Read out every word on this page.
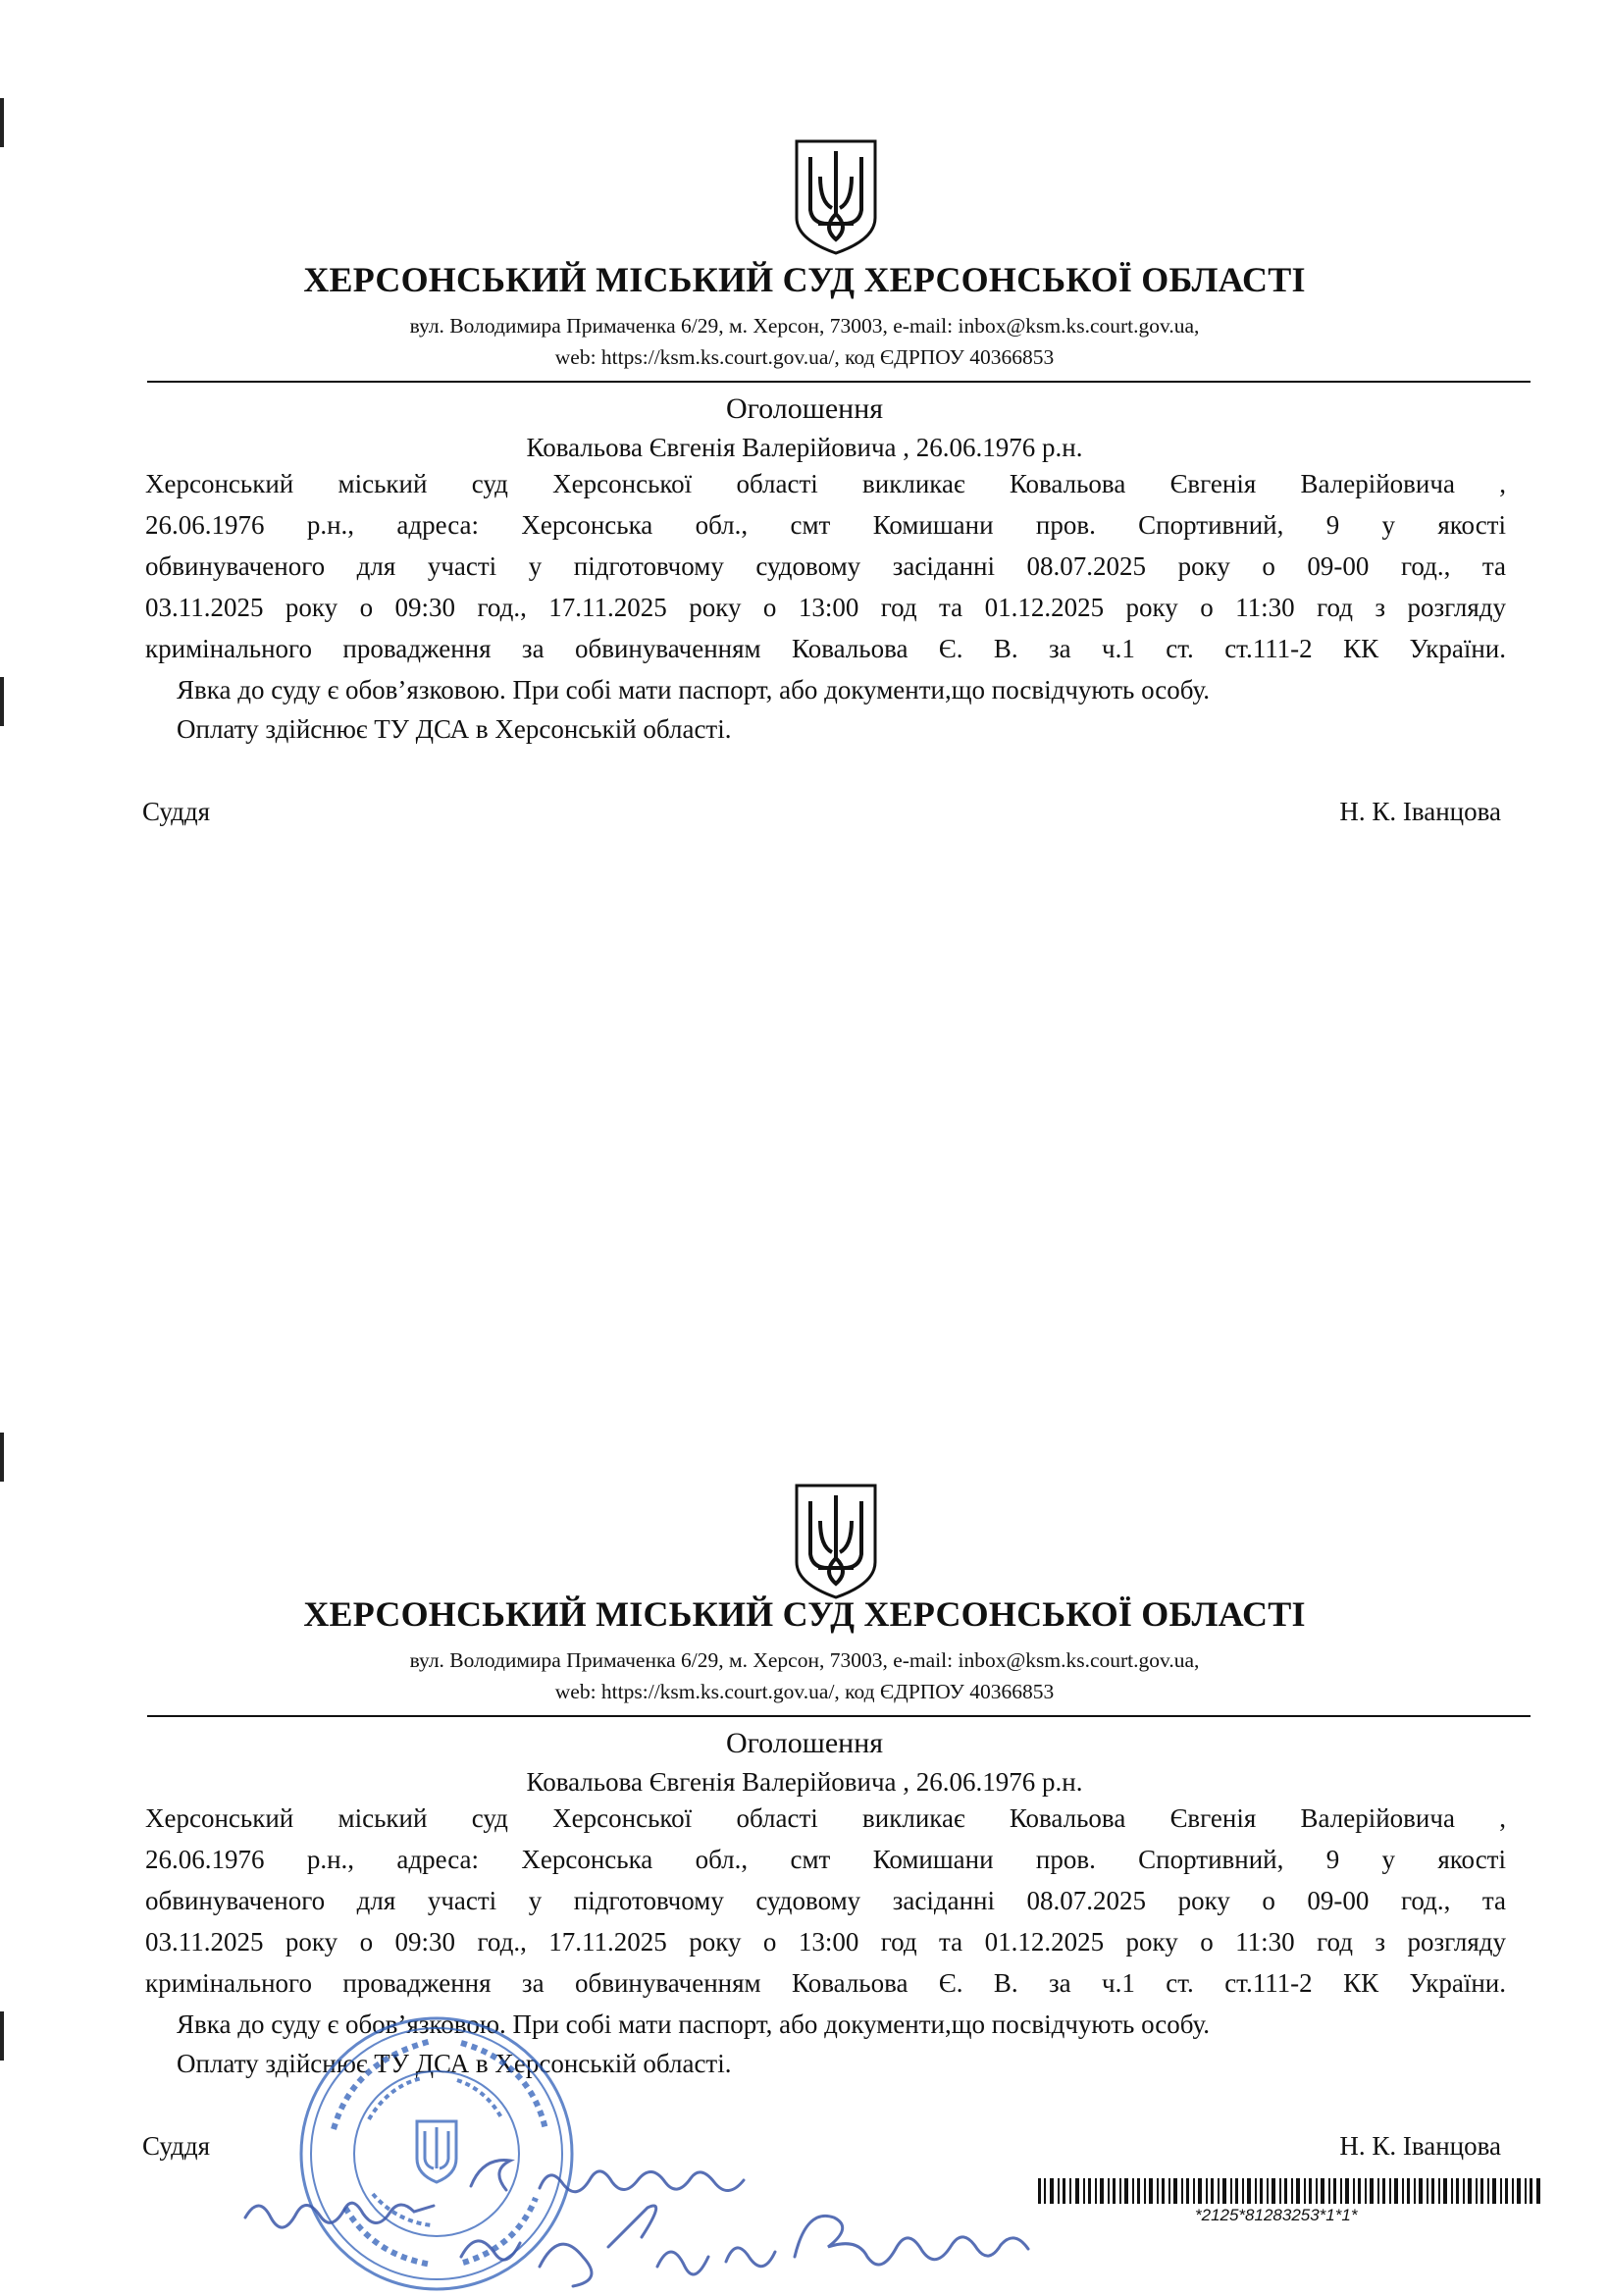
ХЕРСОНСЬКИЙ МІСЬКИЙ СУД ХЕРСОНСЬКОЇ ОБЛАСТІ
вул. Володимира Примаченка 6/29, м. Херсон, 73003, e-mail: inbox@ksm.ks.court.gov.ua,
web: https://ksm.ks.court.gov.ua/, код ЄДРПОУ 40366853
Оголошення
Ковальова Євгенія Валерійовича , 26.06.1976 р.н.
Херсонський міський суд Херсонської області викликає Ковальова Євгенія Валерійовича ,
26.06.1976 р.н., адреса: Херсонська обл., смт Комишани пров. Спортивний, 9 у якості
обвинуваченого для участі у підготовчому судовому засіданні 08.07.2025 року о 09-00 год., та
03.11.2025 року о 09:30 год., 17.11.2025 року о 13:00 год та 01.12.2025 року о 11:30 год з розгляду
кримінального провадження за обвинуваченням Ковальова Є. В. за ч.1 ст. ст.111-2 КК України.
Явка до суду є обов’язковою. При собі мати паспорт, або документи,що посвідчують особу.
Оплату здійснює ТУ ДСА в Херсонській області.
Суддя	Н. К. Іванцова
ХЕРСОНСЬКИЙ МІСЬКИЙ СУД ХЕРСОНСЬКОЇ ОБЛАСТІ
вул. Володимира Примаченка 6/29, м. Херсон, 73003, e-mail: inbox@ksm.ks.court.gov.ua,
web: https://ksm.ks.court.gov.ua/, код ЄДРПОУ 40366853
Оголошення
Ковальова Євгенія Валерійовича , 26.06.1976 р.н.
Херсонський міський суд Херсонської області викликає Ковальова Євгенія Валерійовича ,
26.06.1976 р.н., адреса: Херсонська обл., смт Комишани пров. Спортивний, 9 у якості
обвинуваченого для участі у підготовчому судовому засіданні 08.07.2025 року о 09-00 год., та
03.11.2025 року о 09:30 год., 17.11.2025 року о 13:00 год та 01.12.2025 року о 11:30 год з розгляду
кримінального провадження за обвинуваченням Ковальова Є. В. за ч.1 ст. ст.111-2 КК України.
Явка до суду є обов’язковою. При собі мати паспорт, або документи,що посвідчують особу.
Оплату здійснює ТУ ДСА в Херсонській області.
Суддя	Н. К. Іванцова
*2125*81283253*1*1*
